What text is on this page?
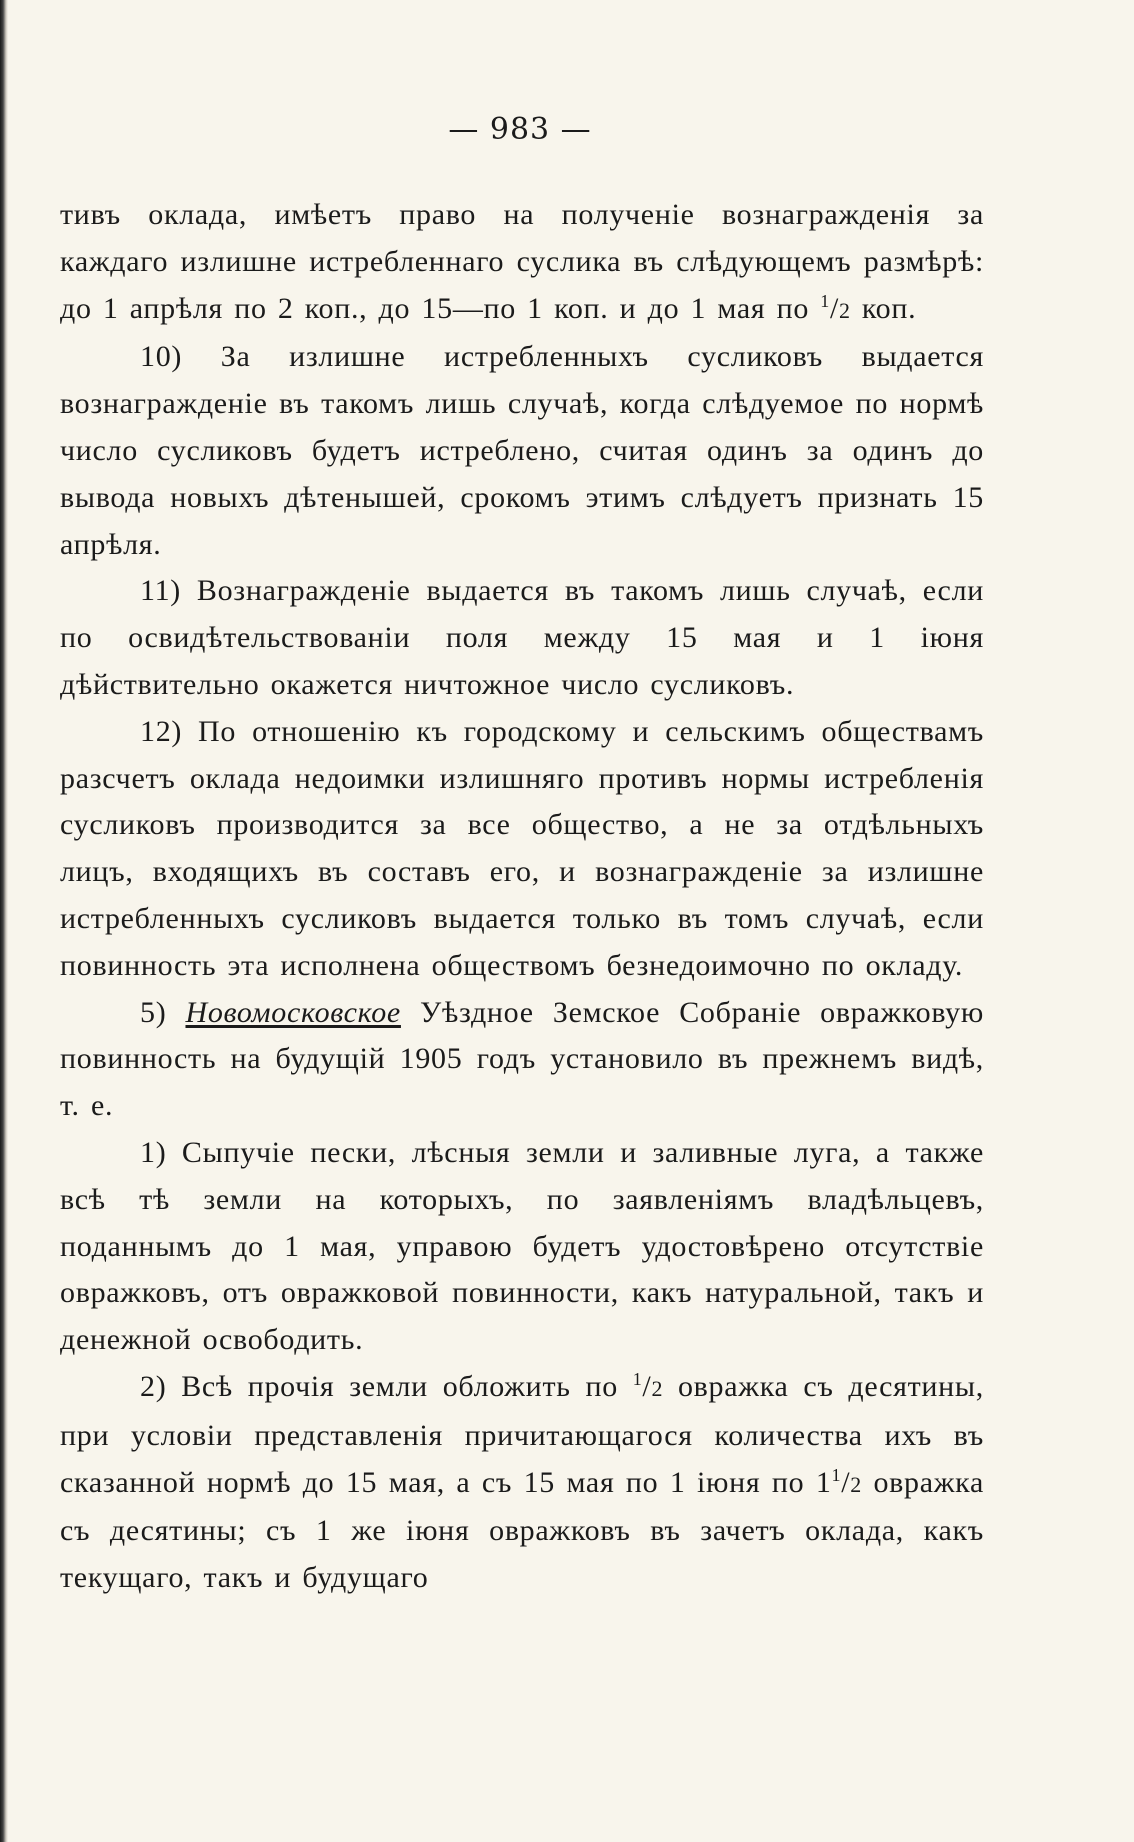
— 983 —

тивъ оклада, имѣетъ право на полученіе вознагражденія за каждаго излишне истребленнаго суслика въ слѣдующемъ размѣрѣ: до 1 апрѣля по 2 коп., до 15—по 1 коп. и до 1 мая по $^1$/2 коп.

10) За излишне истребленныхъ сусликовъ выдается вознагражденіе въ такомъ лишь случаѣ, когда слѣдуемое по нормѣ число сусликовъ будетъ истреблено, считая одинъ за одинъ до вывода новыхъ дѣтенышей, срокомъ этимъ слѣдуетъ признать 15 апрѣля.

11) Вознагражденіе выдается въ такомъ лишь случаѣ, если по освидѣтельствованіи поля между 15 мая и 1 іюня дѣйствительно окажется ничтожное число сусликовъ.

12) По отношенію къ городскому и сельскимъ обществамъ разсчетъ оклада недоимки излишняго противъ нормы истребленія сусликовъ производится за все общество, а не за отдѣльныхъ лицъ, входящихъ въ составъ его, и вознагражденіе за излишне истребленныхъ сусликовъ выдается только въ томъ случаѣ, если повинность эта исполнена обществомъ безнедоимочно по окладу.

5) Новомосковское Уѣздное Земское Собраніе овражковую повинность на будущій 1905 годъ установило въ прежнемъ видѣ, т. е.

1) Сыпучіе пески, лѣсныя земли и заливные луга, а также всѣ тѣ земли на которыхъ, по заявленіямъ владѣльцевъ, поданнымъ до 1 мая, управою будетъ удостовѣрено отсутствіе овражковъ, отъ овражковой повинности, какъ натуральной, такъ и денежной освободить.

2) Всѣ прочія земли обложить по $^1$/2 овражка съ десятины, при условіи представленія причитающагося количества ихъ въ сказанной нормѣ до 15 мая, а съ 15 мая по 1 іюня по $1^1/2$ овражка съ десятины; съ 1 же іюня овражковъ въ зачетъ оклада, какъ текущаго, такъ и будущаго
